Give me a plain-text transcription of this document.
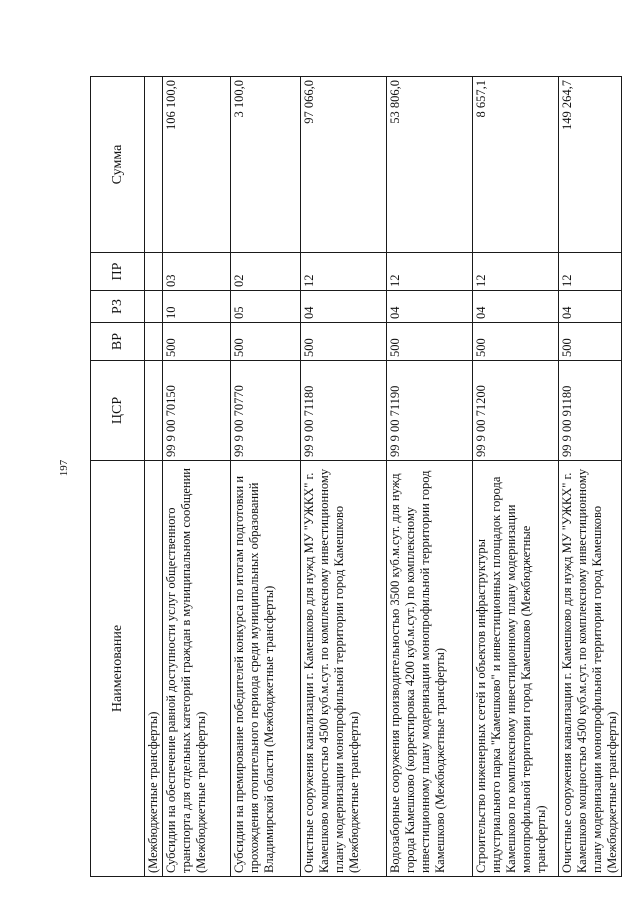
197
Наименование	ЦСР	ВР	РЗ	ПР	Сумма
(Межбюджетные трансферты)					
Субсидии на обеспечение равной доступности услуг общественного транспорта для отдельных категорий граждан в муниципальном сообщении (Межбюджетные трансферты)	99 9 00 70150	500	10	03	106 100,0
Субсидии на премирование победителей конкурса по итогам подготовки и прохождения отопительного периода среди муниципальных образований Владимирской области (Межбюджетные трансферты)	99 9 00 70770	500	05	02	3 100,0
Очистные сооружения канализации г. Камешково для нужд МУ "УЖКХ" г. Камешково мощностью 4500 куб.м.сут. по комплексному инвестиционному плану модернизации монопрофильной территории город Камешково (Межбюджетные трансферты)	99 9 00 71180	500	04	12	97 066,0
Водозаборные сооружения производительностью 3500 куб.м.сут. для нужд города Камешково (корректировка 4200 куб.м.сут.) по комплексному инвестиционному плану модернизации монопрофильной территории город Камешково (Межбюджетные трансферты)	99 9 00 71190	500	04	12	53 806,0
Строительство инженерных сетей и объектов инфраструктуры индустриального парка "Камешково" и инвестиционных площадок города Камешково по комплексному инвестиционному плану модернизации монопрофильной территории город Камешково (Межбюджетные трансферты)	99 9 00 71200	500	04	12	8 657,1
Очистные сооружения канализации г. Камешково для нужд МУ "УЖКХ" г. Камешково мощностью 4500 куб.м.сут. по комплексному инвестиционному плану модернизации монопрофильной территории город Камешково (Межбюджетные трансферты)	99 9 00 91180	500	04	12	149 264,7
